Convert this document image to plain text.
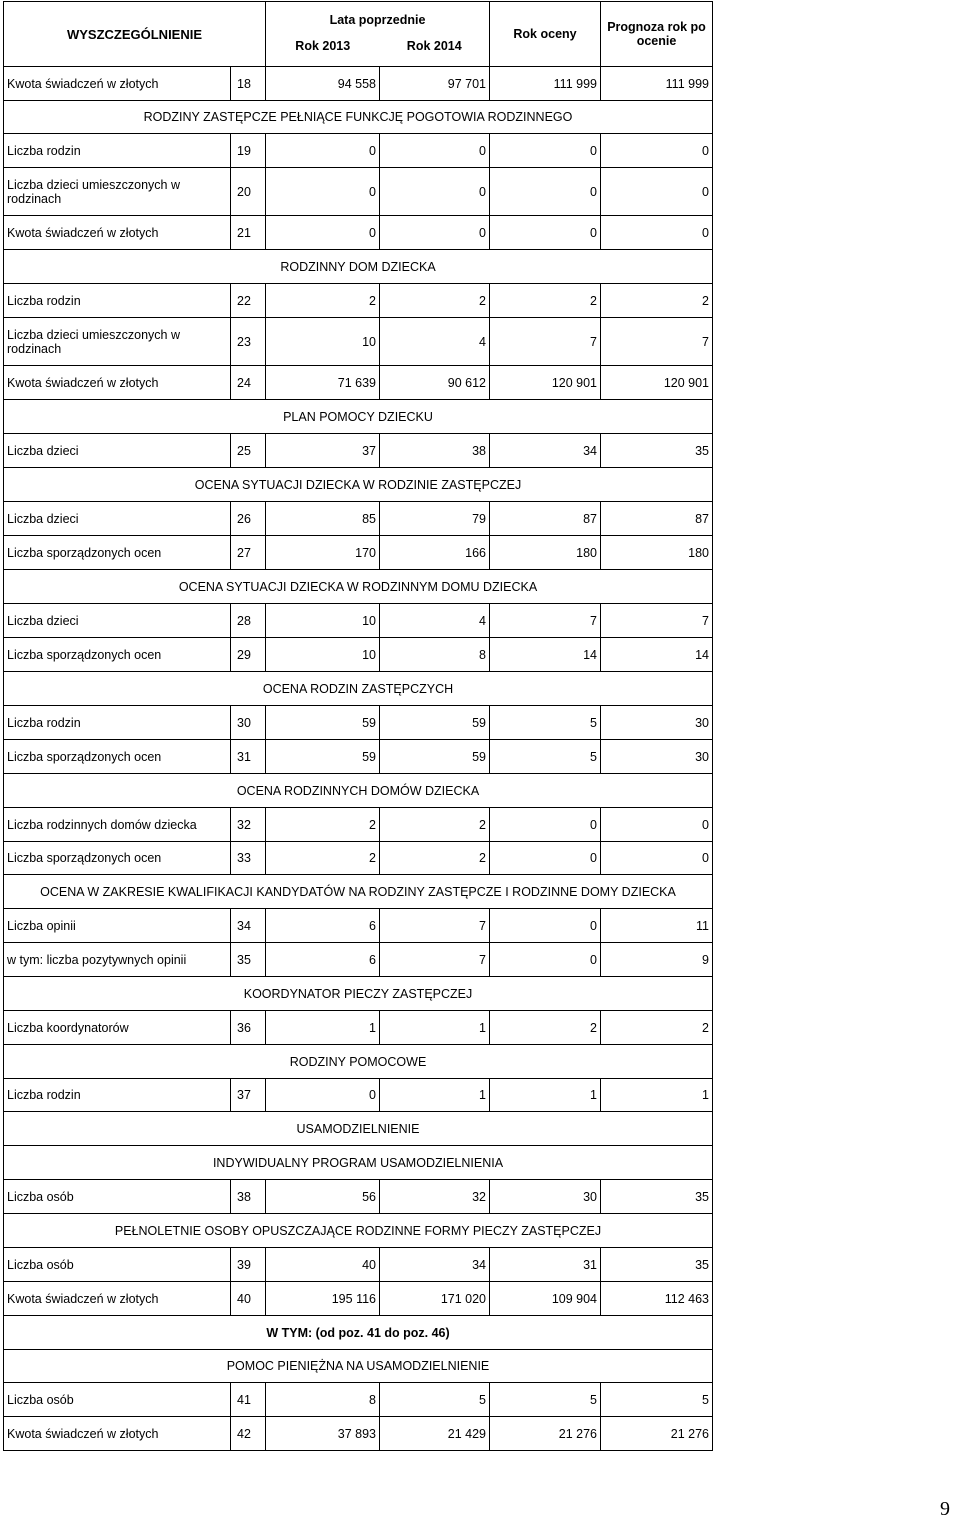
WYSZCZEGÓLNIENIE		Lata poprzednie		Rok oceny	Prognoza rok po ocenie
		Rok 2013	Rok 2014		
Kwota świadczeń w złotych	18	94 558	97 701	111 999	111 999
RODZINY ZASTĘPCZE PEŁNIĄCE FUNKCJĘ POGOTOWIA RODZINNEGO					
Liczba rodzin	19	0	0	0	0
Liczba dzieci umieszczonych w rodzinach	20	0	0	0	0
Kwota świadczeń w złotych	21	0	0	0	0
RODZINNY DOM DZIECKA					
Liczba rodzin	22	2	2	2	2
Liczba dzieci umieszczonych w rodzinach	23	10	4	7	7
Kwota świadczeń w złotych	24	71 639	90 612	120 901	120 901
PLAN POMOCY DZIECKU					
Liczba dzieci	25	37	38	34	35
OCENA SYTUACJI DZIECKA W RODZINIE ZASTĘPCZEJ					
Liczba dzieci	26	85	79	87	87
Liczba sporządzonych ocen	27	170	166	180	180
OCENA SYTUACJI DZIECKA W RODZINNYM DOMU DZIECKA					
Liczba dzieci	28	10	4	7	7
Liczba sporządzonych ocen	29	10	8	14	14
OCENA RODZIN ZASTĘPCZYCH					
Liczba rodzin	30	59	59	5	30
Liczba sporządzonych ocen	31	59	59	5	30
OCENA RODZINNYCH DOMÓW DZIECKA					
Liczba rodzinnych domów dziecka	32	2	2	0	0
Liczba sporządzonych ocen	33	2	2	0	0
OCENA W ZAKRESIE KWALIFIKACJI KANDYDATÓW NA RODZINY ZASTĘPCZE I RODZINNE DOMY DZIECKA					
Liczba opinii	34	6	7	0	11
w tym: liczba pozytywnych opinii	35	6	7	0	9
KOORDYNATOR PIECZY ZASTĘPCZEJ					
Liczba koordynatorów	36	1	1	2	2
RODZINY POMOCOWE					
Liczba rodzin	37	0	1	1	1
USAMODZIELNIENIE					
INDYWIDUALNY PROGRAM USAMODZIELNIENIA					
Liczba osób	38	56	32	30	35
PEŁNOLETNIE OSOBY OPUSZCZAJĄCE RODZINNE FORMY PIECZY ZASTĘPCZEJ					
Liczba osób	39	40	34	31	35
Kwota świadczeń w złotych	40	195 116	171 020	109 904	112 463
W TYM: (od poz. 41 do poz. 46)					
POMOC PIENIĘŻNA NA USAMODZIELNIENIE					
Liczba osób	41	8	5	5	5
Kwota świadczeń w złotych	42	37 893	21 429	21 276	21 276
9
